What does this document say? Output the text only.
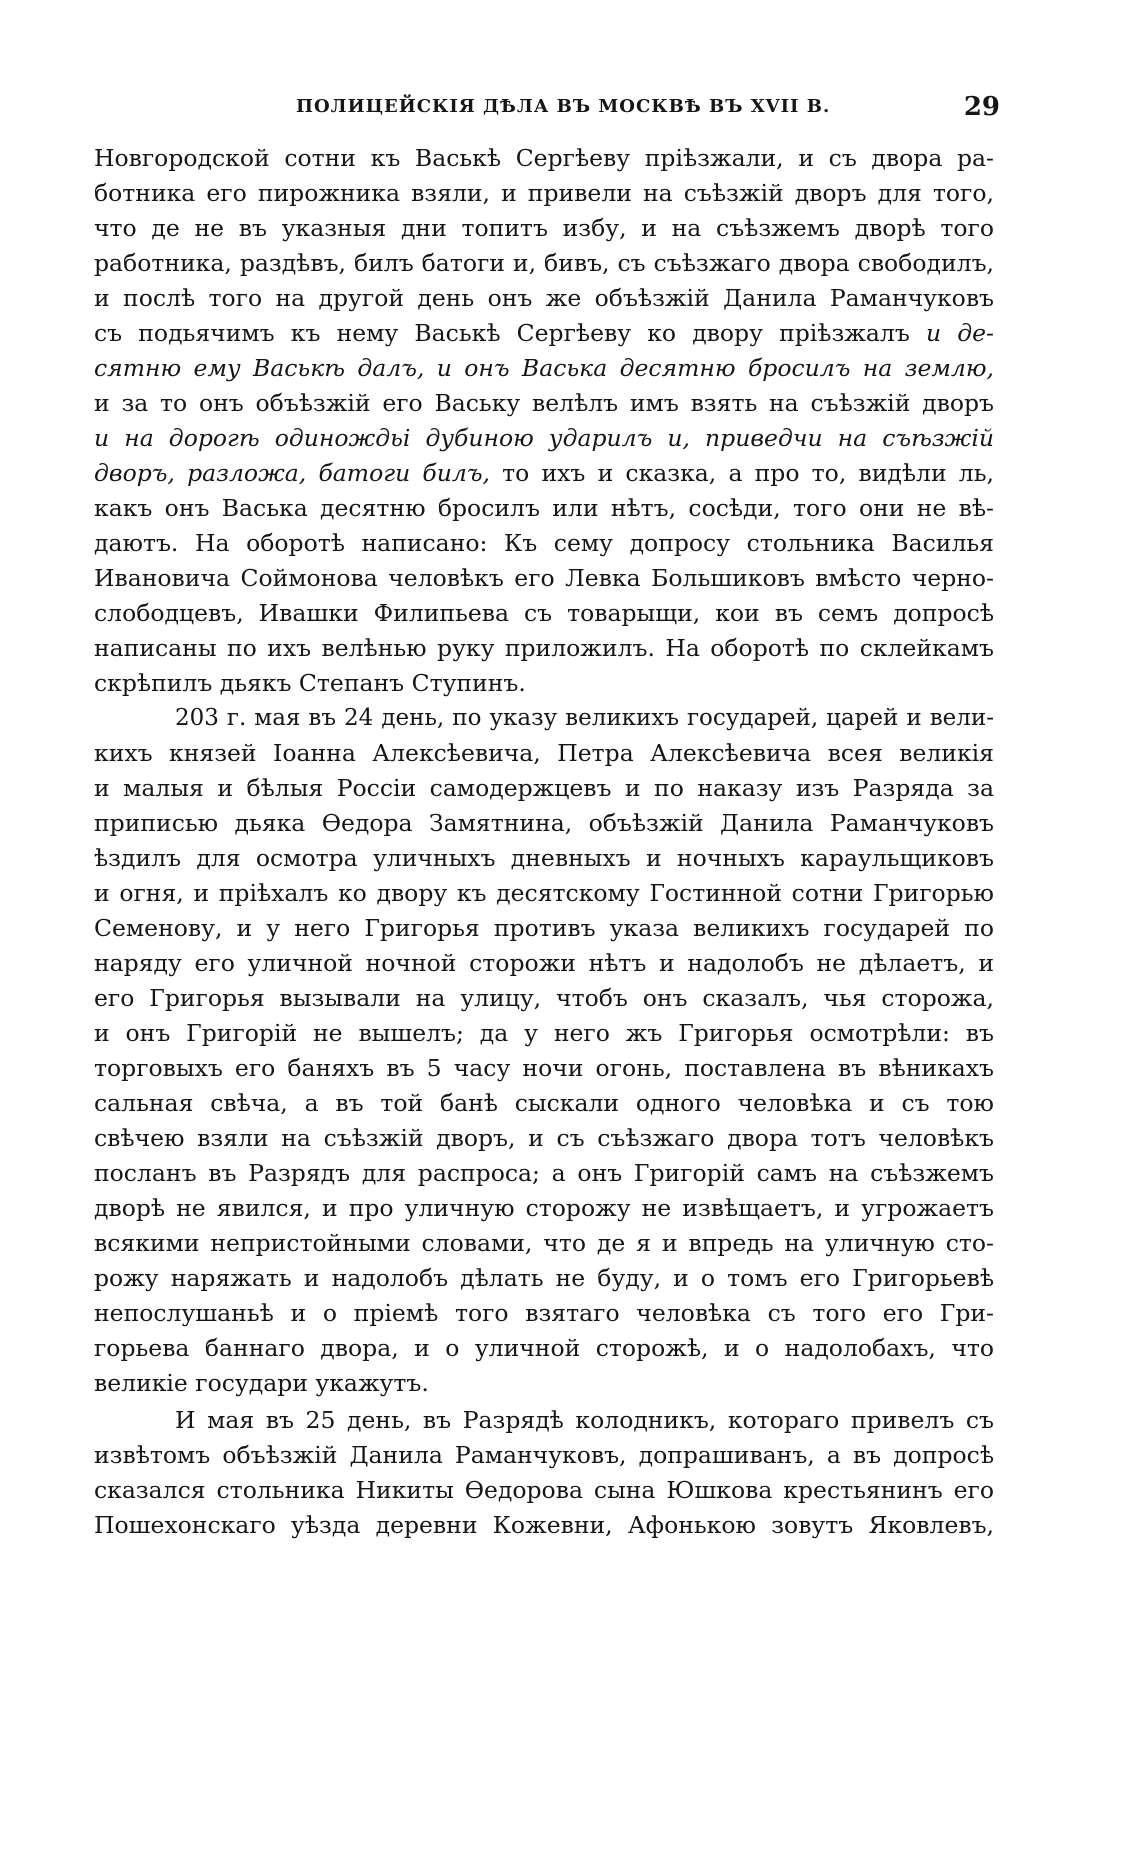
ПОЛИЦЕЙСКІЯ ДѢЛА ВЪ МОСКВѢ ВЪ XVII В.	29
Новгородской сотни къ Васькѣ Сергѣеву пріѣзжали, и съ двора ра-
ботника его пирожника взяли, и привели на съѣзжій дворъ для того,
что де не въ указныя дни топитъ избу, и на съѣзжемъ дворѣ того
работника, раздѣвъ, билъ батоги и, бивъ, съ съѣзжаго двора свободилъ,
и послѣ того на другой день онъ же объѣзжій Данила Раманчуковъ
съ подьячимъ къ нему Васькѣ Сергѣеву ко двору пріѣзжалъ и де-
сятню ему Васькѣ далъ, и онъ Васька десятню бросилъ на землю,
и за то онъ объѣзжій его Ваську велѣлъ имъ взять на съѣзжій дворъ
и на дорогѣ одинождьі дубиною ударилъ и, приведчи на съѣзжій
дворъ, разложа, батоги билъ, то ихъ и сказка, а про то, видѣли ль,
какъ онъ Васька десятню бросилъ или нѣтъ, сосѣди, того они не вѣ-
даютъ. На оборотѣ написано: Къ сему допросу стольника Василья
Ивановича Соймонова человѣкъ его Левка Большиковъ вмѣсто черно-
слободцевъ, Ивашки Филипьева съ товарыщи, кои въ семъ допросѣ
написаны по ихъ велѣнью руку приложилъ. На оборотѣ по склейкамъ
скрѣпилъ дьякъ Степанъ Ступинъ.
203 г. мая въ 24 день, по указу великихъ государей, царей и вели-
кихъ князей Іоанна Алексѣевича, Петра Алексѣевича всея великія
и малыя и бѣлыя Россіи самодержцевъ и по наказу изъ Разряда за
приписью дьяка Ѳедора Замятнина, объѣзжій Данила Раманчуковъ
ѣздилъ для осмотра уличныхъ дневныхъ и ночныхъ караульщиковъ
и огня, и пріѣхалъ ко двору къ десятскому Гостинной сотни Григорью
Семенову, и у него Григорья противъ указа великихъ государей по
наряду его уличной ночной сторожи нѣтъ и надолобъ не дѣлаетъ, и
его Григорья вызывали на улицу, чтобъ онъ сказалъ, чья сторожа,
и онъ Григорій не вышелъ; да у него жъ Григорья осмотрѣли: въ
торговыхъ его баняхъ въ 5 часу ночи огонь, поставлена въ вѣникахъ
сальная свѣча, а въ той банѣ сыскали одного человѣка и съ тою
свѣчею взяли на съѣзжій дворъ, и съ съѣзжаго двора тотъ человѣкъ
посланъ въ Разрядъ для распроса; а онъ Григорій самъ на съѣзжемъ
дворѣ не явился, и про уличную сторожу не извѣщаетъ, и угрожаетъ
всякими непристойными словами, что де я и впредь на уличную сто-
рожу наряжать и надолобъ дѣлать не буду, и о томъ его Григорьевѣ
непослушаньѣ и о пріемѣ того взятаго человѣка съ того его Гри-
горьева баннаго двора, и о уличной сторожѣ, и о надолобахъ, что
великіе государи укажутъ.
И мая въ 25 день, въ Разрядѣ колодникъ, котораго привелъ съ
извѣтомъ объѣзжій Данила Раманчуковъ, допрашиванъ, а въ допросѣ
сказался стольника Никиты Ѳедорова сына Юшкова крестьянинъ его
Пошехонскаго уѣзда деревни Кожевни, Афонькою зовутъ Яковлевъ,
